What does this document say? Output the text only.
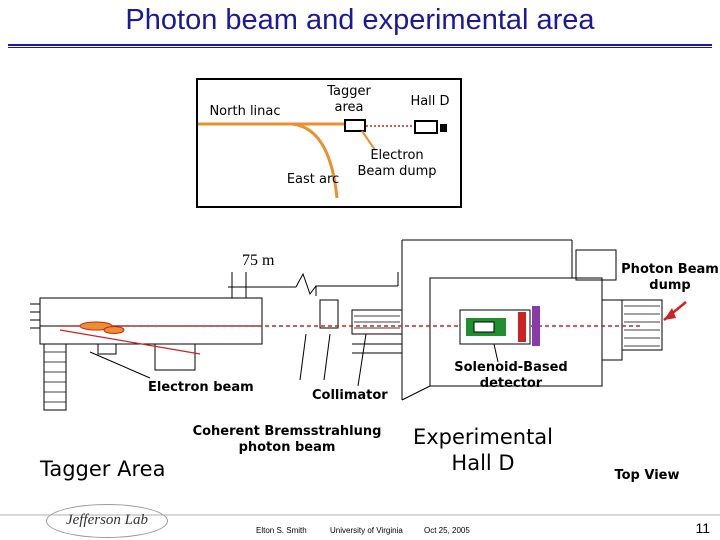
Photon beam and experimental area
North linac
Tagger area	Hall D
Electron Beam dump
East arc
75 m
Photon Beam dump
Electron beam
Collimator
Solenoid-Based detector
Coherent Bremsstrahlung photon beam
Tagger Area
Experimental Hall D
Top View
Jefferson Lab
Elton S. Smith	University of Virginia	Oct 25, 2005	11
